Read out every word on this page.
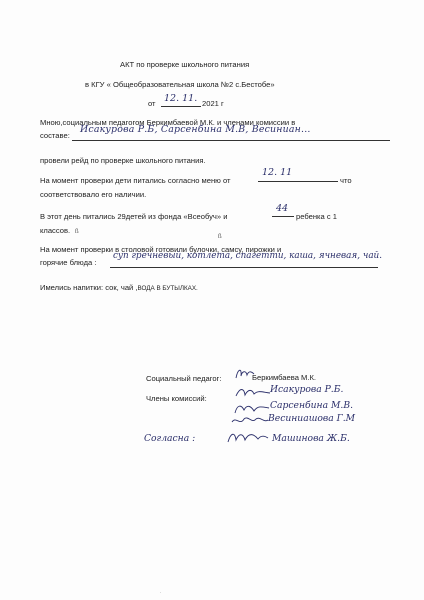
АКТ по проверке школьного питания
в КГУ « Общеобразовательная школа №2 с.Бестобе»
от 12. 11. 2021 г
Мною,социальным педагогом Беркимбаевой М.К. и членами комиссии в
составе:
Исакурова Р.Б, Сарсенбина М.В, Весиниан...
провели рейд по проверке школьного питания.
На момент проверки дети питались согласно меню от
12. 11
что
соответствовало его наличии.
В этот день питались 29детей из фонда «Всеобуч» и
44
ребенка с 1
классов. ß
ß
На момент проверки в столовой готовили булочки, самсу, пирожки и
горячие блюда :
суп гречневый, котлета, спагетти, каша, ячневая, чай.
Имелись напитки: сок, чай ,ВОДА В БУТЫЛКАХ.
Социальный педагог:	Беркимбаева М.К.
Члены комиссий:
Исакурова Р.Б.
Сарсенбина М.В.
Весиниашова Г.М
Согласна :	Машинова Ж.Б.
·
